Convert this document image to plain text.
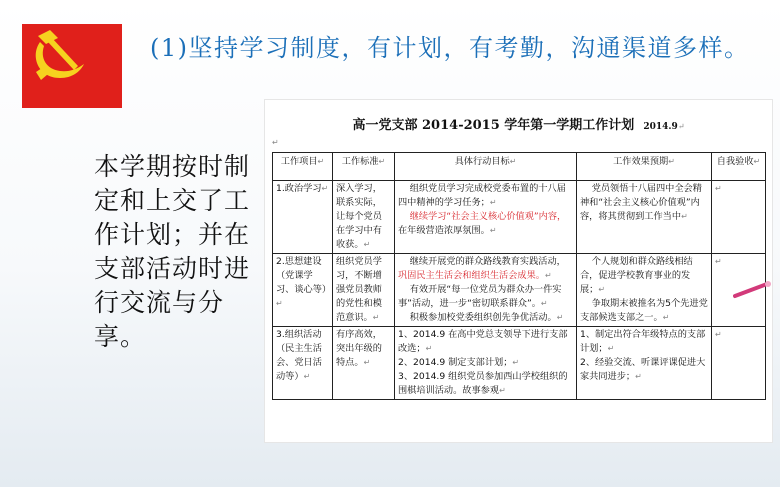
(1)坚持学习制度，有计划，有考勤，沟通渠道多样。
本学期按时制定和上交了工作计划；并在支部活动时进行交流与分享。
高一党支部 2014-2015 学年第一学期工作计划 2014.9↵
↵
工作项目↵	工作标准↵	具体行动目标↵	工作效果预期↵	自我验收↵
1.政治学习↵	深入学习，联系实际，让每个党员在学习中有收获。↵	组织党员学习完成校党委布置的十八届四中精神的学习任务；↵
继续学习“社会主义核心价值观”内容，在年级营造浓厚氛围。↵	党员领悟十八届四中全会精神和“社会主义核心价值观”内容，将其贯彻到工作当中↵	↵
2.思想建设（党课学习、谈心等）↵	组织党员学习，不断增强党员教师的党性和模范意识。↵	继续开展党的群众路线教育实践活动，巩固民主生活会和组织生活会成果。↵
有效开展“每一位党员为群众办一件实事”活动，进一步“密切联系群众”。↵
积极参加校党委组织创先争优活动。↵	个人规划和群众路线相结合，促进学校教育事业的发展；↵
争取期末被推名为5个先进党支部候选支部之一。↵	↵
3.组织活动（民主生活会、党日活动等）↵	有序高效，突出年级的特点。↵	1、2014.9 在高中党总支领导下进行支部改选；↵
2、2014.9 制定支部计划；↵
3、2014.9 组织党员参加西山学校组织的围棋培训活动。故事参观↵	1、制定出符合年级特点的支部计划；↵
2、经验交流、听课评课促进大家共同进步；↵	↵
